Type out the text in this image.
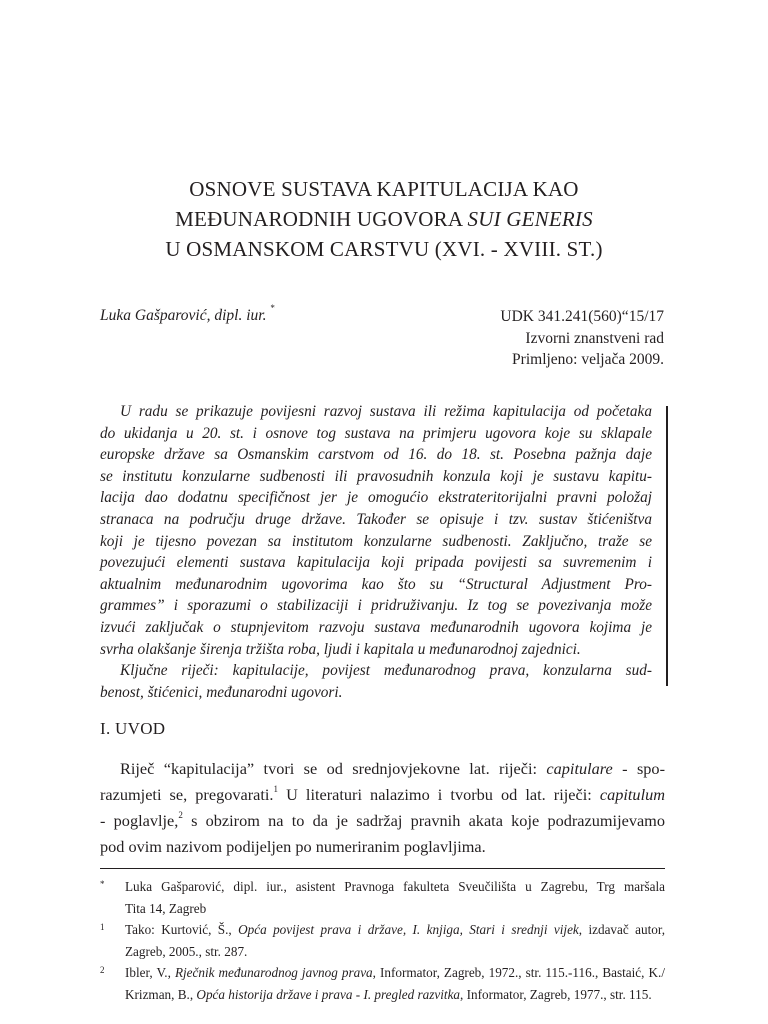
OSNOVE SUSTAVA KAPITULACIJA KAO
MEĐUNARODNIH UGOVORA SUI GENERIS
U OSMANSKOM CARSTVU (XVI. - XVIII. ST.)
Luka Gašparović, dipl. iur. *	UDK 341.241(560)“15/17
Izvorni znanstveni rad
Primljeno: veljača 2009.
U radu se prikazuje povijesni razvoj sustava ili režima kapitulacija od početaka
do ukidanja u 20. st. i osnove tog sustava na primjeru ugovora koje su sklapale
europske države sa Osmanskim carstvom od 16. do 18. st. Posebna pažnja daje
se institutu konzularne sudbenosti ili pravosudnih konzula koji je sustavu kapitu-
lacija dao dodatnu specifičnost jer je omogućio ekstrateritorijalni pravni položaj
stranaca na području druge države. Također se opisuje i tzv. sustav štićeništva
koji je tijesno povezan sa institutom konzularne sudbenosti. Zaključno, traže se
povezujući elementi sustava kapitulacija koji pripada povijesti sa suvremenim i
aktualnim međunarodnim ugovorima kao što su “Structural Adjustment Pro-
grammes” i sporazumi o stabilizaciji i pridruživanju. Iz tog se povezivanja može
izvući zaključak o stupnjevitom razvoju sustava međunarodnih ugovora kojima je
svrha olakšanje širenja tržišta roba, ljudi i kapitala u međunarodnoj zajednici.
Ključne riječi: kapitulacije, povijest međunarodnog prava, konzularna sud-
benost, štićenici, međunarodni ugovori.
I. UVOD
Riječ “kapitulacija” tvori se od srednjovjekovne lat. riječi: capitulare - spo-
razumjeti se, pregovarati.$^1$ U literaturi nalazimo i tvorbu od lat. riječi: capitulum
- poglavlje,$^2$ s obzirom na to da je sadržaj pravnih akata koje podrazumijevamo
pod ovim nazivom podijeljen po numeriranim poglavljima.
* Luka Gašparović, dipl. iur., asistent Pravnoga fakulteta Sveučilišta u Zagrebu, Trg maršala
Tita 14, Zagreb
1 Tako: Kurtović, Š., Opća povijest prava i države, I. knjiga, Stari i srednji vijek, izdavač autor,
Zagreb, 2005., str. 287.
2 Ibler, V., Rječnik međunarodnog javnog prava, Informator, Zagreb, 1972., str. 115.-116., Bastaić, K./
Krizman, B., Opća historija države i prava - I. pregled razvitka, Informator, Zagreb, 1977., str. 115.
